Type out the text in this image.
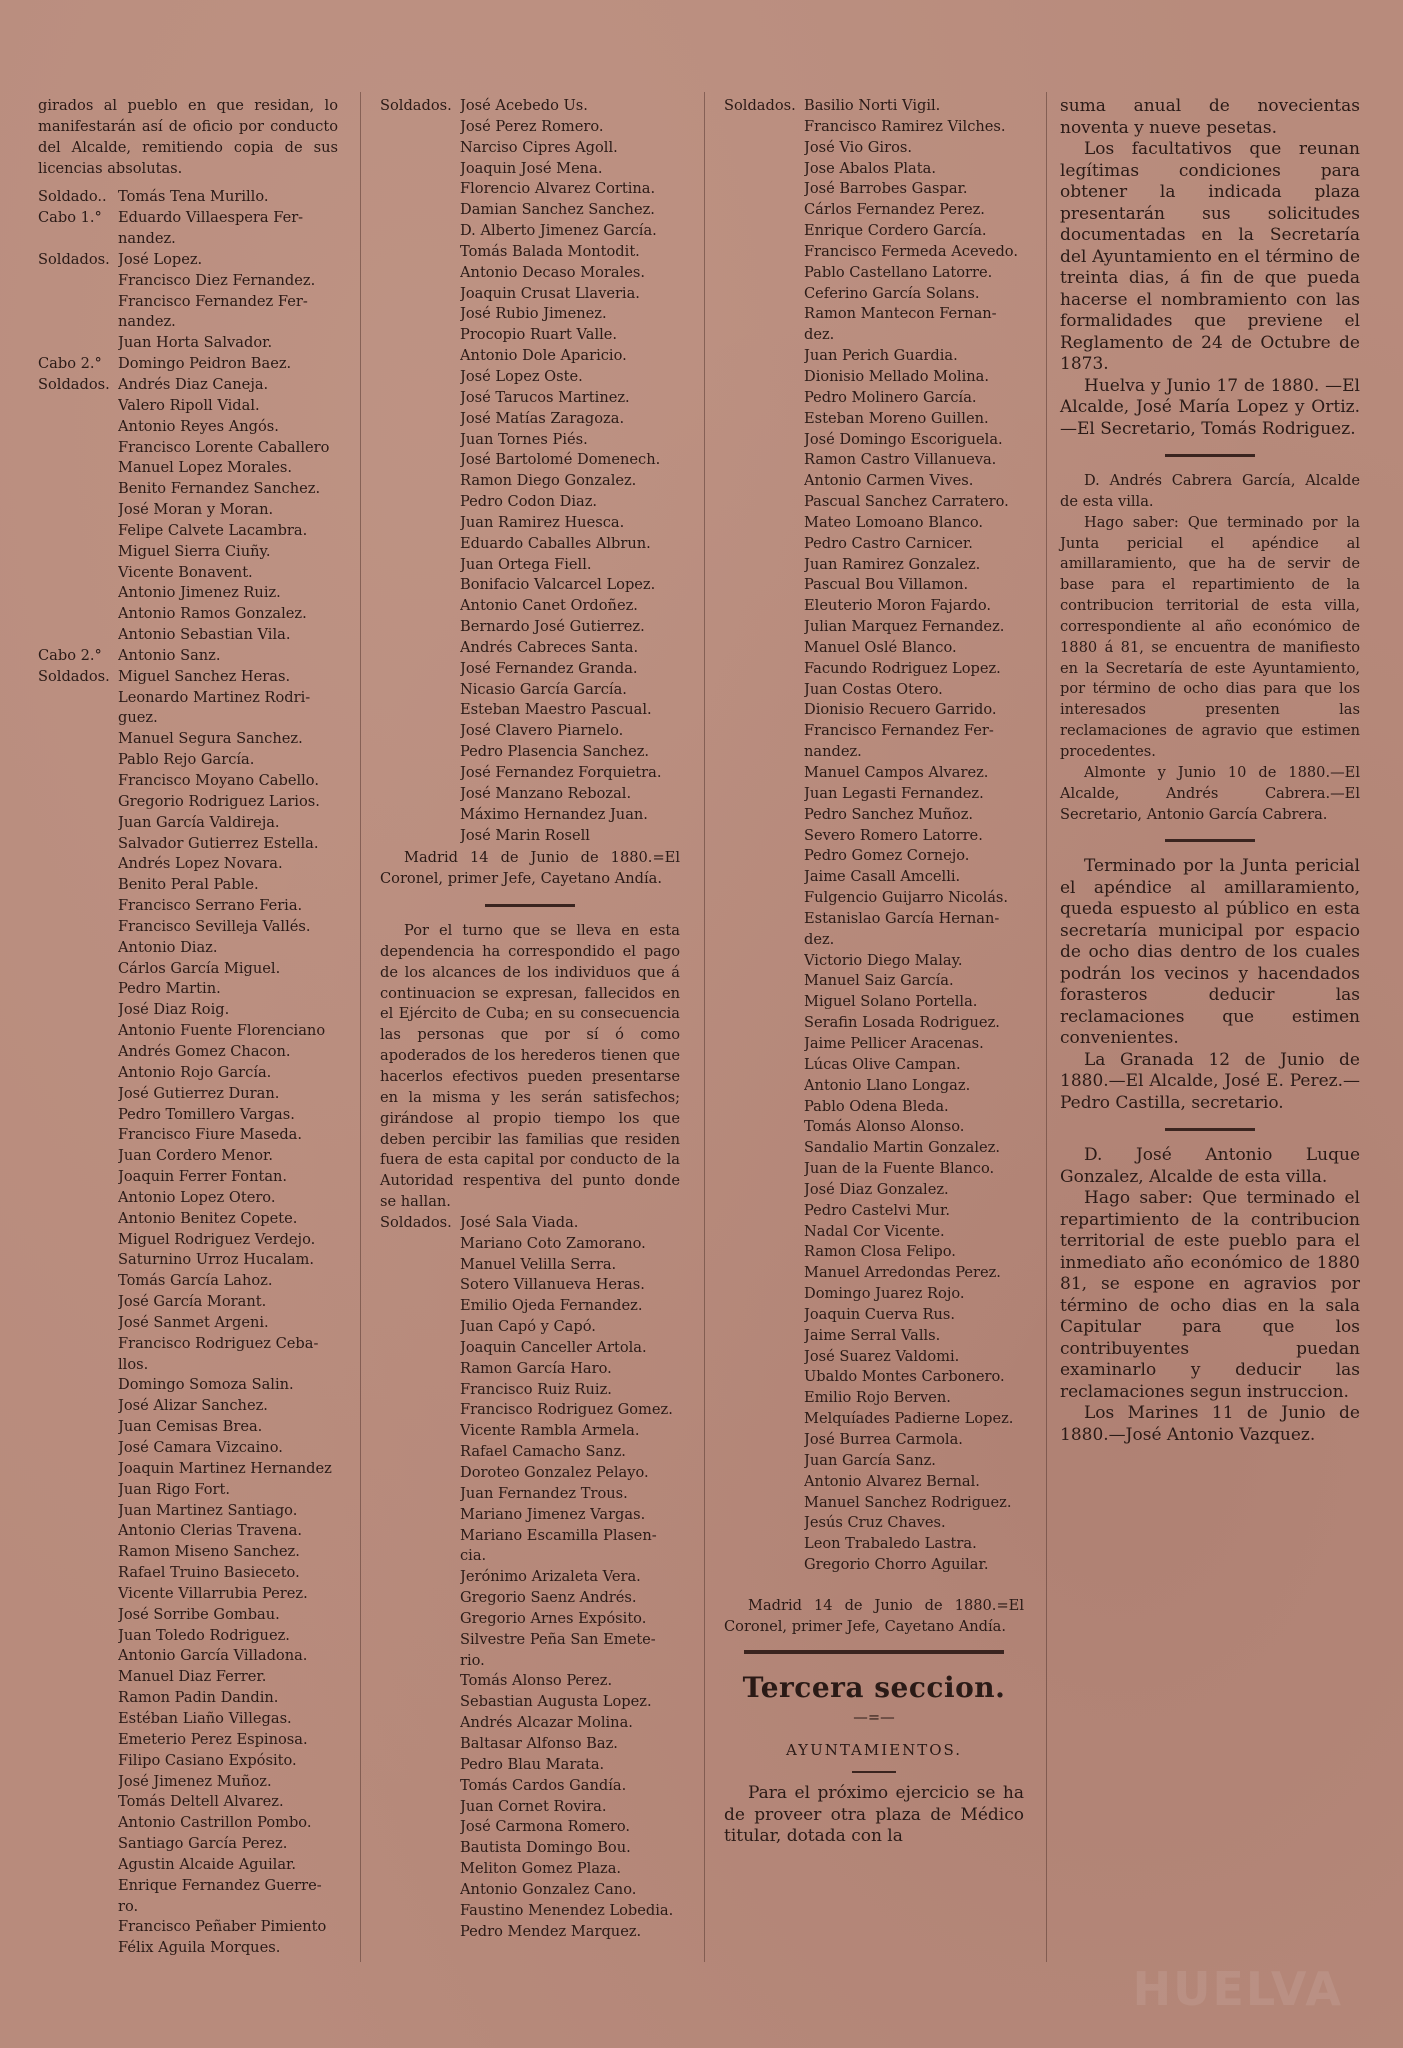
girados al pueblo en que residan, lo manifestarán así de oficio por conducto del Alcalde, remitiendo copia de sus licencias absolutas.
Soldado.. Tomás Tena Murillo.
Cabo 1.°	Eduardo Villaespera Fer-
nandez.
Soldados. José Lopez.
Francisco Diez Fernandez.
Francisco Fernandez Fer-
nandez.
Juan Horta Salvador.
Cabo 2.°	Domingo Peidron Baez.
Soldados. Andrés Diaz Caneja.
Valero Ripoll Vidal.
Antonio Reyes Angós.
Francisco Lorente Caballero
Manuel Lopez Morales.
Benito Fernandez Sanchez.
José Moran y Moran.
Felipe Calvete Lacambra.
Miguel Sierra Ciuñy.
Vicente Bonavent.
Antonio Jimenez Ruiz.
Antonio Ramos Gonzalez.
Antonio Sebastian Vila.
Cabo 2.°	Antonio Sanz.
Soldados. Miguel Sanchez Heras.
Leonardo Martinez Rodri-
guez.
Manuel Segura Sanchez.
Pablo Rejo García.
Francisco Moyano Cabello.
Gregorio Rodriguez Larios.
Juan García Valdireja.
Salvador Gutierrez Estella.
Andrés Lopez Novara.
Benito Peral Pable.
Francisco Serrano Feria.
Francisco Sevilleja Vallés.
Antonio Diaz.
Cárlos García Miguel.
Pedro Martin.
José Diaz Roig.
Antonio Fuente Florenciano
Andrés Gomez Chacon.
Antonio Rojo García.
José Gutierrez Duran.
Pedro Tomillero Vargas.
Francisco Fiure Maseda.
Juan Cordero Menor.
Joaquin Ferrer Fontan.
Antonio Lopez Otero.
Antonio Benitez Copete.
Miguel Rodriguez Verdejo.
Saturnino Urroz Hucalam.
Tomás García Lahoz.
José García Morant.
José Sanmet Argeni.
Francisco Rodriguez Ceba-
llos.
Domingo Somoza Salin.
José Alizar Sanchez.
Juan Cemisas Brea.
José Camara Vizcaino.
Joaquin Martinez Hernandez
Juan Rigo Fort.
Juan Martinez Santiago.
Antonio Clerias Travena.
Ramon Miseno Sanchez.
Rafael Truino Basieceto.
Vicente Villarrubia Perez.
José Sorribe Gombau.
Juan Toledo Rodriguez.
Antonio García Villadona.
Manuel Diaz Ferrer.
Ramon Padin Dandin.
Estéban Liaño Villegas.
Emeterio Perez Espinosa.
Filipo Casiano Expósito.
José Jimenez Muñoz.
Tomás Deltell Alvarez.
Antonio Castrillon Pombo.
Santiago García Perez.
Agustin Alcaide Aguilar.
Enrique Fernandez Guerre-
ro.
Francisco Peñaber Pimiento
Félix Aguila Morques.
Soldados. José Acebedo Us.
José Perez Romero.
Narciso Cipres Agoll.
Joaquin José Mena.
Florencio Alvarez Cortina.
Damian Sanchez Sanchez.
D. Alberto Jimenez García.
Tomás Balada Montodit.
Antonio Decaso Morales.
Joaquin Crusat Llaveria.
José Rubio Jimenez.
Procopio Ruart Valle.
Antonio Dole Aparicio.
José Lopez Oste.
José Tarucos Martinez.
José Matías Zaragoza.
Juan Tornes Piés.
José Bartolomé Domenech.
Ramon Diego Gonzalez.
Pedro Codon Diaz.
Juan Ramirez Huesca.
Eduardo Caballes Albrun.
Juan Ortega Fiell.
Bonifacio Valcarcel Lopez.
Antonio Canet Ordoñez.
Bernardo José Gutierrez.
Andrés Cabreces Santa.
José Fernandez Granda.
Nicasio García García.
Esteban Maestro Pascual.
José Clavero Piarnelo.
Pedro Plasencia Sanchez.
José Fernandez Forquietra.
José Manzano Rebozal.
Máximo Hernandez Juan.
José Marin Rosell
Madrid 14 de Junio de 1880.=El Coronel, primer Jefe, Cayetano Andía.
Por el turno que se lleva en esta dependencia ha correspondido el pago de los alcances de los individuos que á continuacion se expresan, fallecidos en el Ejército de Cuba; en su consecuencia las personas que por sí ó como apoderados de los herederos tienen que hacerlos efectivos pueden presentarse en la misma y les serán satisfechos; girándose al propio tiempo los que deben percibir las familias que residen fuera de esta capital por conducto de la Autoridad respentiva del punto donde se hallan.
Soldados. José Sala Viada.
Mariano Coto Zamorano.
Manuel Velilla Serra.
Sotero Villanueva Heras.
Emilio Ojeda Fernandez.
Juan Capó y Capó.
Joaquin Canceller Artola.
Ramon García Haro.
Francisco Ruiz Ruiz.
Francisco Rodriguez Gomez.
Vicente Rambla Armela.
Rafael Camacho Sanz.
Doroteo Gonzalez Pelayo.
Juan Fernandez Trous.
Mariano Jimenez Vargas.
Mariano Escamilla Plasen-
cia.
Jerónimo Arizaleta Vera.
Gregorio Saenz Andrés.
Gregorio Arnes Expósito.
Silvestre Peña San Emete-
rio.
Tomás Alonso Perez.
Sebastian Augusta Lopez.
Andrés Alcazar Molina.
Baltasar Alfonso Baz.
Pedro Blau Marata.
Tomás Cardos Gandía.
Juan Cornet Rovira.
José Carmona Romero.
Bautista Domingo Bou.
Meliton Gomez Plaza.
Antonio Gonzalez Cano.
Faustino Menendez Lobedia.
Pedro Mendez Marquez.
Soldados. Basilio Norti Vigil.
Francisco Ramirez Vilches.
José Vio Giros.
Jose Abalos Plata.
José Barrobes Gaspar.
Cárlos Fernandez Perez.
Enrique Cordero García.
Francisco Fermeda Acevedo.
Pablo Castellano Latorre.
Ceferino García Solans.
Ramon Mantecon Fernan-
dez.
Juan Perich Guardia.
Dionisio Mellado Molina.
Pedro Molinero García.
Esteban Moreno Guillen.
José Domingo Escoriguela.
Ramon Castro Villanueva.
Antonio Carmen Vives.
Pascual Sanchez Carratero.
Mateo Lomoano Blanco.
Pedro Castro Carnicer.
Juan Ramirez Gonzalez.
Pascual Bou Villamon.
Eleuterio Moron Fajardo.
Julian Marquez Fernandez.
Manuel Oslé Blanco.
Facundo Rodriguez Lopez.
Juan Costas Otero.
Dionisio Recuero Garrido.
Francisco Fernandez Fer-
nandez.
Manuel Campos Alvarez.
Juan Legasti Fernandez.
Pedro Sanchez Muñoz.
Severo Romero Latorre.
Pedro Gomez Cornejo.
Jaime Casall Amcelli.
Fulgencio Guijarro Nicolás.
Estanislao García Hernan-
dez.
Victorio Diego Malay.
Manuel Saiz García.
Miguel Solano Portella.
Serafin Losada Rodriguez.
Jaime Pellicer Aracenas.
Lúcas Olive Campan.
Antonio Llano Longaz.
Pablo Odena Bleda.
Tomás Alonso Alonso.
Sandalio Martin Gonzalez.
Juan de la Fuente Blanco.
José Diaz Gonzalez.
Pedro Castelvi Mur.
Nadal Cor Vicente.
Ramon Closa Felipo.
Manuel Arredondas Perez.
Domingo Juarez Rojo.
Joaquin Cuerva Rus.
Jaime Serral Valls.
José Suarez Valdomi.
Ubaldo Montes Carbonero.
Emilio Rojo Berven.
Melquíades Padierne Lopez.
José Burrea Carmola.
Juan García Sanz.
Antonio Alvarez Bernal.
Manuel Sanchez Rodriguez.
Jesús Cruz Chaves.
Leon Trabaledo Lastra.
Gregorio Chorro Aguilar.
Madrid 14 de Junio de 1880.=El Coronel, primer Jefe, Cayetano Andía.
Tercera seccion.
—=—
AYUNTAMIENTOS.
Para el próximo ejercicio se ha de proveer otra plaza de Médico titular, dotada con la
suma anual de novecientas noventa y nueve pesetas.
Los facultativos que reunan legítimas condiciones para obtener la indicada plaza presentarán sus solicitudes documentadas en la Secretaría del Ayuntamiento en el término de treinta dias, á fin de que pueda hacerse el nombramiento con las formalidades que previene el Reglamento de 24 de Octubre de 1873.
Huelva y Junio 17 de 1880. —El Alcalde, José María Lopez y Ortiz.—El Secretario, Tomás Rodriguez.
D. Andrés Cabrera García, Alcalde de esta villa.
Hago saber: Que terminado por la Junta pericial el apéndice al amillaramiento, que ha de servir de base para el repartimiento de la contribucion territorial de esta villa, correspondiente al año económico de 1880 á 81, se encuentra de manifiesto en la Secretaría de este Ayuntamiento, por término de ocho dias para que los interesados presenten las reclamaciones de agravio que estimen procedentes.
Almonte y Junio 10 de 1880.—El Alcalde, Andrés Cabrera.—El Secretario, Antonio García Cabrera.
Terminado por la Junta pericial el apéndice al amillaramiento, queda espuesto al público en esta secretaría municipal por espacio de ocho dias dentro de los cuales podrán los vecinos y hacendados forasteros deducir las reclamaciones que estimen convenientes.
La Granada 12 de Junio de 1880.—El Alcalde, José E. Perez.—Pedro Castilla, secretario.
D. José Antonio Luque Gonzalez, Alcalde de esta villa.
Hago saber: Que terminado el repartimiento de la contribucion territorial de este pueblo para el inmediato año económico de 1880 81, se espone en agravios por término de ocho dias en la sala Capitular para que los contribuyentes puedan examinarlo y deducir las reclamaciones segun instruccion.
Los Marines 11 de Junio de 1880.—José Antonio Vazquez.
HUELVA
